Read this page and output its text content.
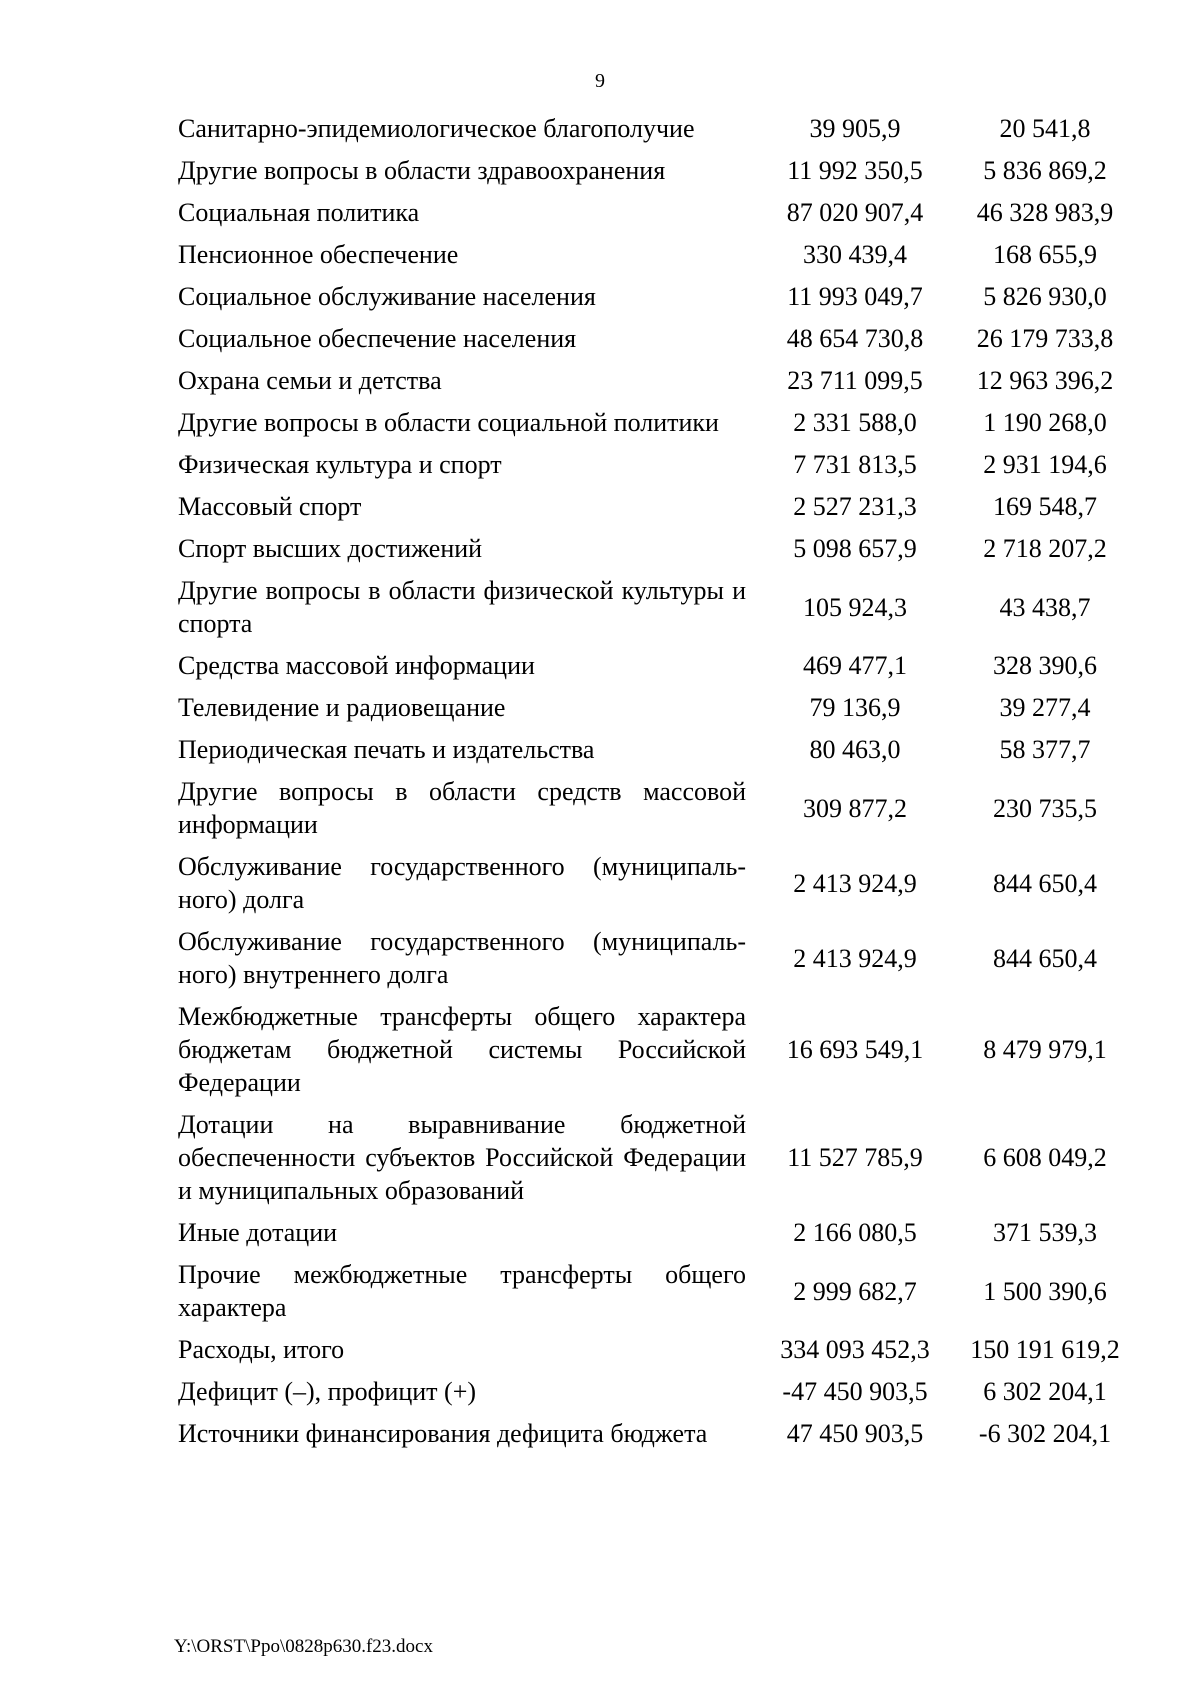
9
Санитарно-эпидемиологическое благополучие	39 905,9	20 541,8
Другие вопросы в области здравоохранения	11 992 350,5	5 836 869,2
Социальная политика	87 020 907,4	46 328 983,9
Пенсионное обеспечение	330 439,4	168 655,9
Социальное обслуживание населения	11 993 049,7	5 826 930,0
Социальное обеспечение населения	48 654 730,8	26 179 733,8
Охрана семьи и детства	23 711 099,5	12 963 396,2
Другие вопросы в области социальной политики	2 331 588,0	1 190 268,0
Физическая культура и спорт	7 731 813,5	2 931 194,6
Массовый спорт	2 527 231,3	169 548,7
Спорт высших достижений	5 098 657,9	2 718 207,2
Другие вопросы в области физической культуры и спорта	105 924,3	43 438,7
Средства массовой информации	469 477,1	328 390,6
Телевидение и радиовещание	79 136,9	39 277,4
Периодическая печать и издательства	80 463,0	58 377,7
Другие вопросы в области средств массовой информации	309 877,2	230 735,5
Обслуживание государственного (муниципаль-ного) долга	2 413 924,9	844 650,4
Обслуживание государственного (муниципаль-ного) внутреннего долга	2 413 924,9	844 650,4
Межбюджетные трансферты общего характера бюджетам бюджетной системы Российской Федерации	16 693 549,1	8 479 979,1
Дотации на выравнивание бюджетной обеспеченности субъектов Российской Федерации и муниципальных образований	11 527 785,9	6 608 049,2
Иные дотации	2 166 080,5	371 539,3
Прочие межбюджетные трансферты общего характера	2 999 682,7	1 500 390,6
Расходы, итого	334 093 452,3	150 191 619,2
Дефицит (–), профицит (+)	-47 450 903,5	6 302 204,1
Источники финансирования дефицита бюджета	47 450 903,5	-6 302 204,1
Y:\ORST\Ppo\0828p630.f23.docx
